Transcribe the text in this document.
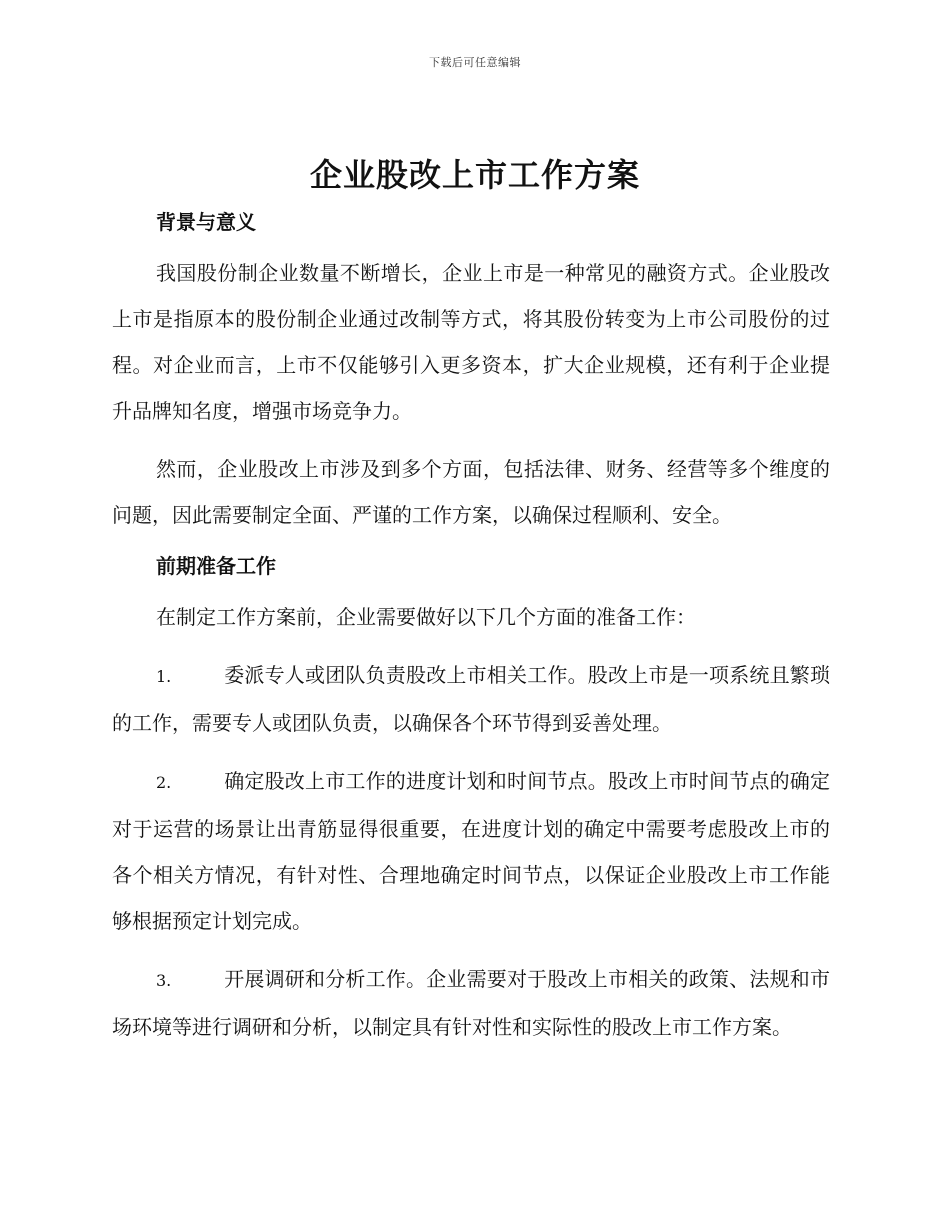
下载后可任意编辑
企业股改上市工作方案
背景与意义

我国股份制企业数量不断增长，企业上市是一种常见的融资方式。企业股改上市是指原本的股份制企业通过改制等方式，将其股份转变为上市公司股份的过程。对企业而言，上市不仅能够引入更多资本，扩大企业规模，还有利于企业提升品牌知名度，增强市场竞争力。

然而，企业股改上市涉及到多个方面，包括法律、财务、经营等多个维度的问题，因此需要制定全面、严谨的工作方案，以确保过程顺利、安全。

前期准备工作

在制定工作方案前，企业需要做好以下几个方面的准备工作：

1.	委派专人或团队负责股改上市相关工作。股改上市是一项系统且繁琐的工作，需要专人或团队负责，以确保各个环节得到妥善处理。

2.	确定股改上市工作的进度计划和时间节点。股改上市时间节点的确定对于运营的场景让出青筋显得很重要，在进度计划的确定中需要考虑股改上市的各个相关方情况，有针对性、合理地确定时间节点，以保证企业股改上市工作能够根据预定计划完成。

3.	开展调研和分析工作。企业需要对于股改上市相关的政策、法规和市场环境等进行调研和分析，以制定具有针对性和实际性的股改上市工作方案。
